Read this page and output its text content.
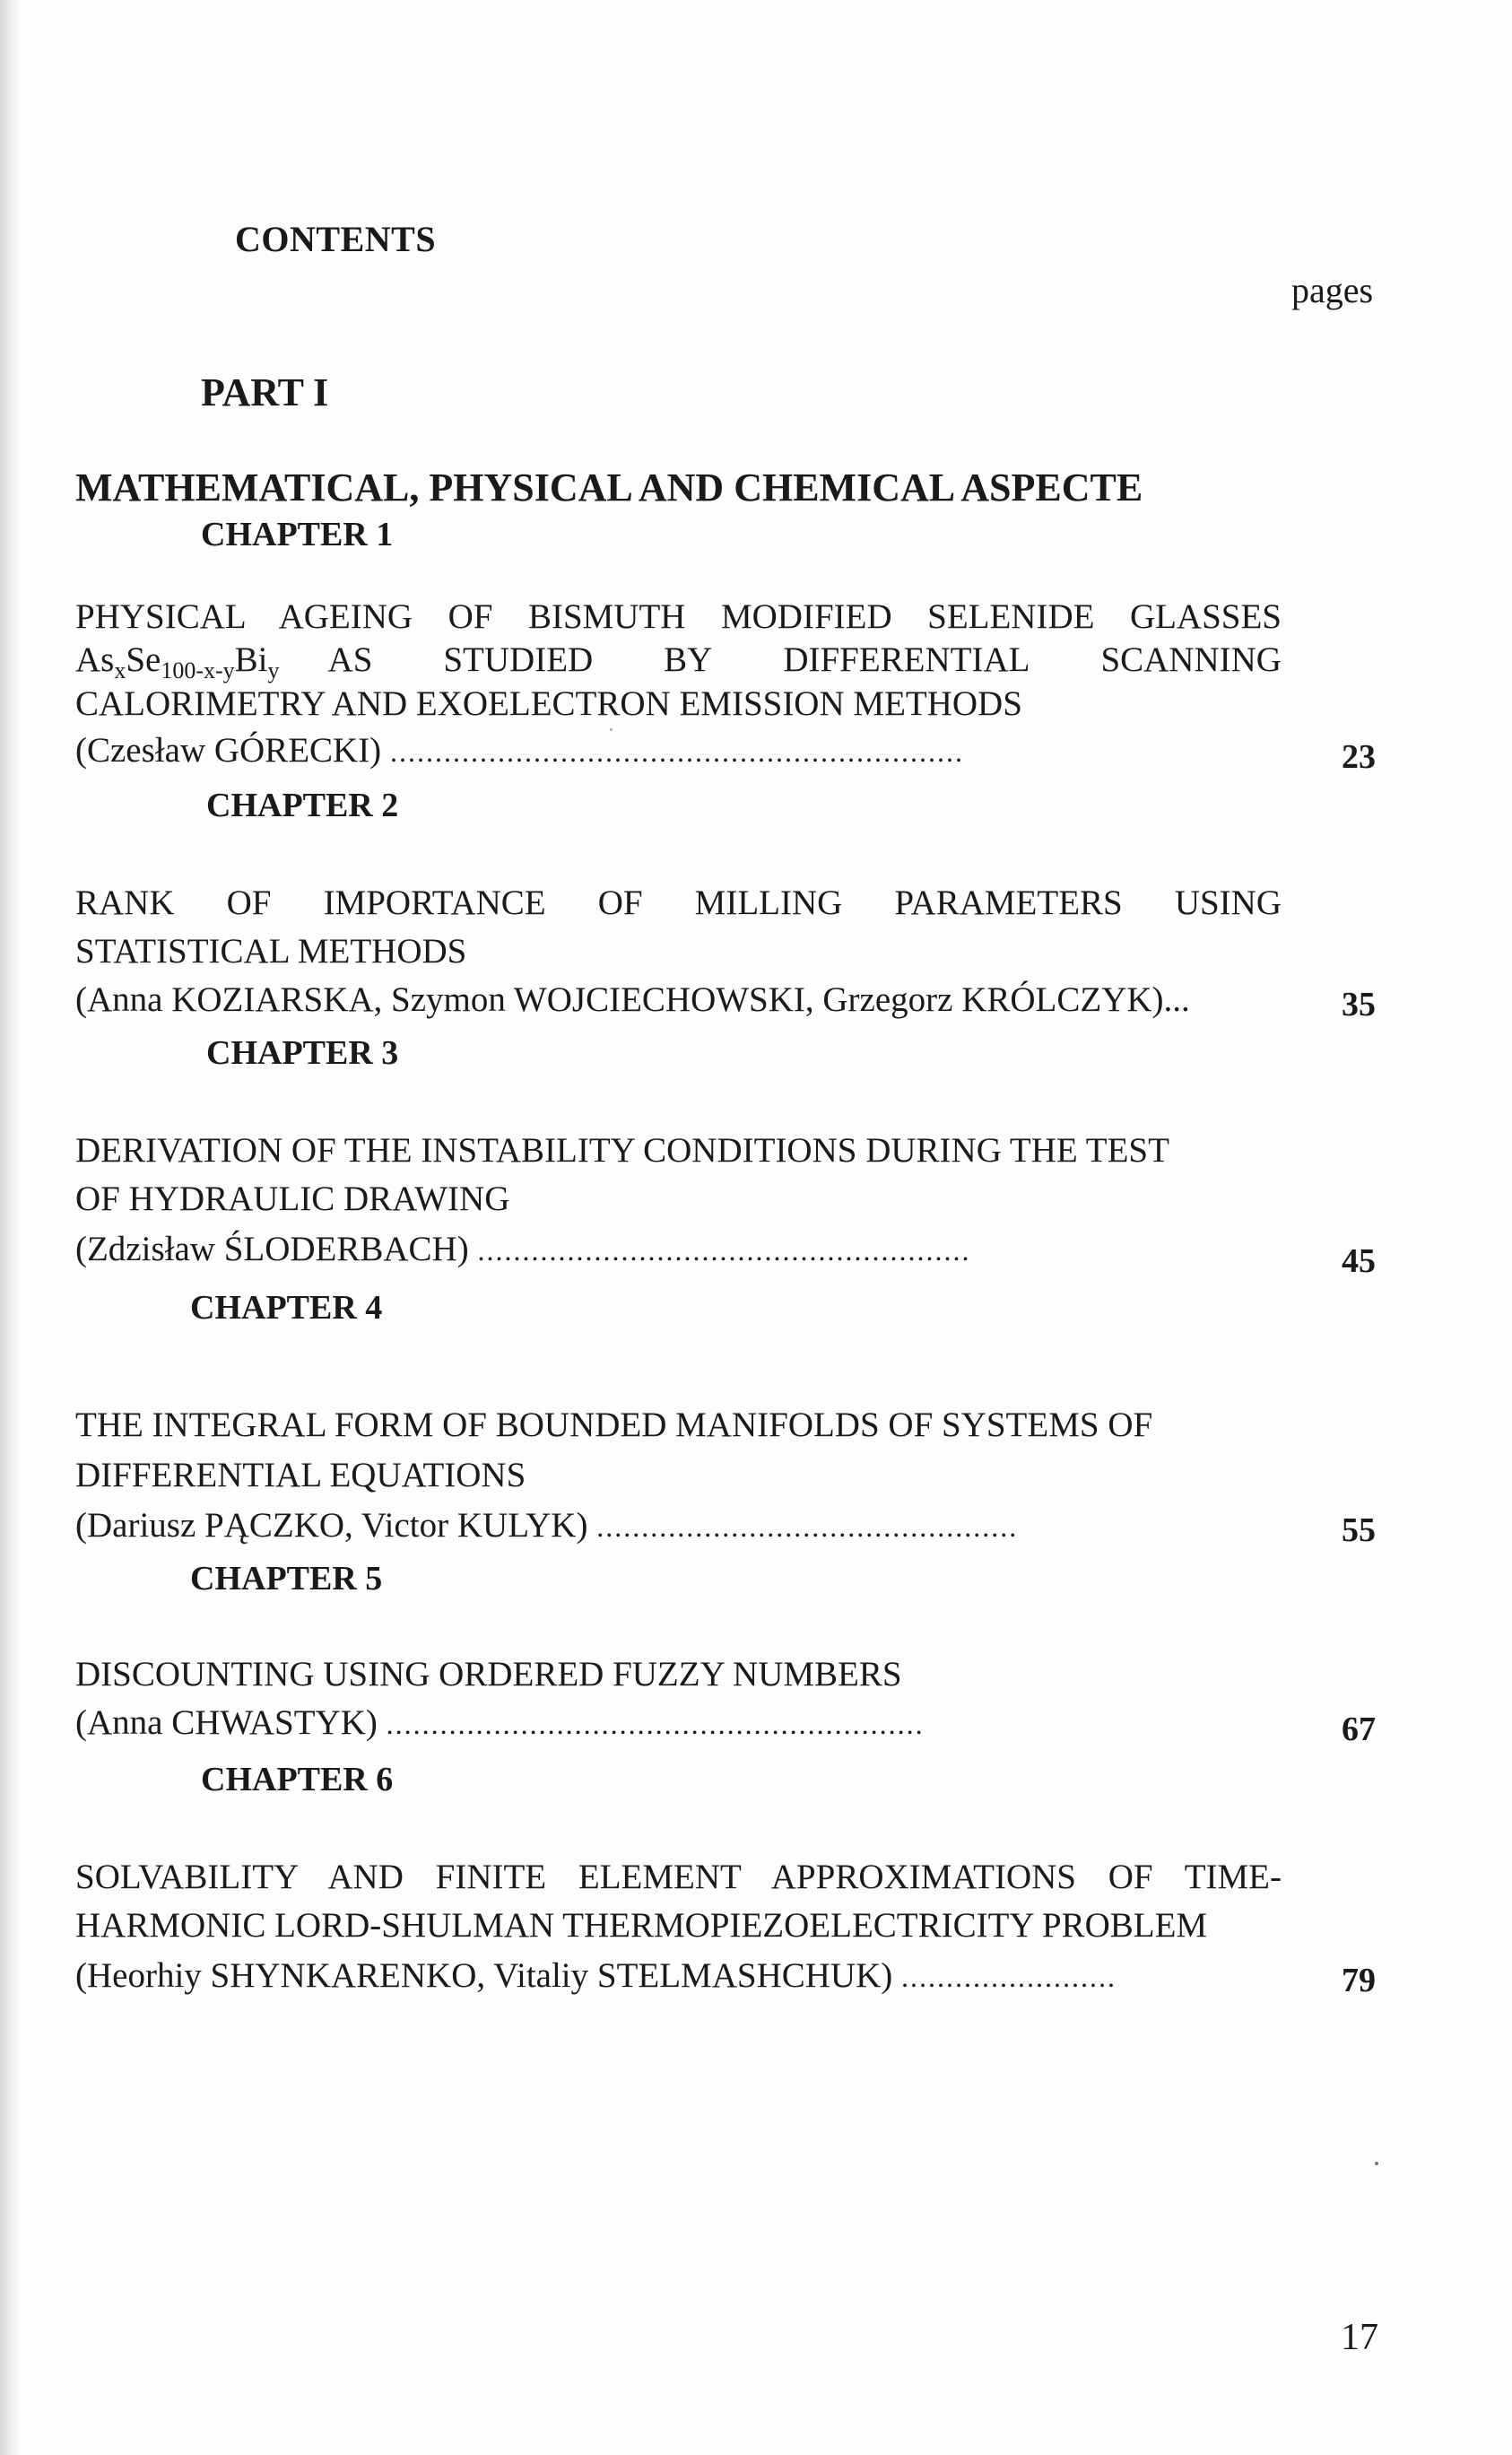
CONTENTS
pages
PART I
MATHEMATICAL, PHYSICAL AND CHEMICAL ASPECTE
CHAPTER 1
PHYSICAL AGEING OF BISMUTH MODIFIED SELENIDE GLASSES
$As_xSe_{100-x-y}Bi_y$ AS STUDIED BY DIFFERENTIAL SCANNING
CALORIMETRY AND EXOELECTRON EMISSION METHODS
(Czesław GÓRECKI) ................................................................	23
CHAPTER 2
RANK OF IMPORTANCE OF MILLING PARAMETERS USING
STATISTICAL METHODS
(Anna KOZIARSKA, Szymon WOJCIECHOWSKI, Grzegorz KRÓLCZYK)...	35
CHAPTER 3
DERIVATION OF THE INSTABILITY CONDITIONS DURING THE TEST
OF HYDRAULIC DRAWING
(Zdzisław ŚLODERBACH) .......................................................	45
CHAPTER 4
THE INTEGRAL FORM OF BOUNDED MANIFOLDS OF SYSTEMS OF
DIFFERENTIAL EQUATIONS
(Dariusz PĄCZKO, Victor KULYK) ...............................................	55
CHAPTER 5
DISCOUNTING USING ORDERED FUZZY NUMBERS
(Anna CHWASTYK) ............................................................	67
CHAPTER 6
SOLVABILITY AND FINITE ELEMENT APPROXIMATIONS OF TIME-
HARMONIC LORD-SHULMAN THERMOPIEZOELECTRICITY PROBLEM
(Heorhiy SHYNKARENKO, Vitaliy STELMASHCHUK) ........................	79
17
